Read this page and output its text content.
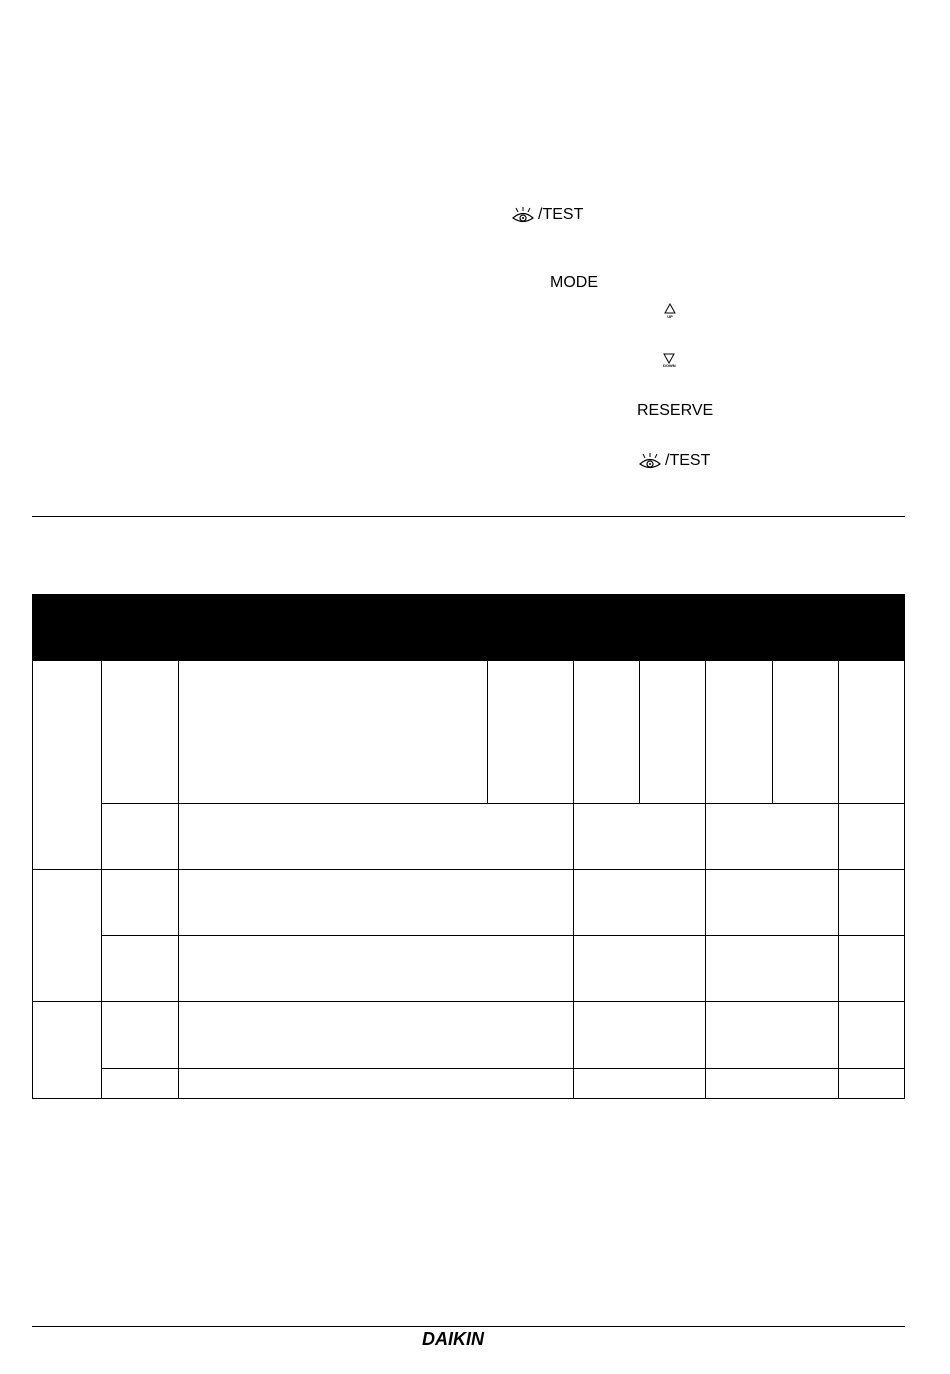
/TEST
MODE
UP
DOWN
RESERVE
/TEST
DAIKIN
